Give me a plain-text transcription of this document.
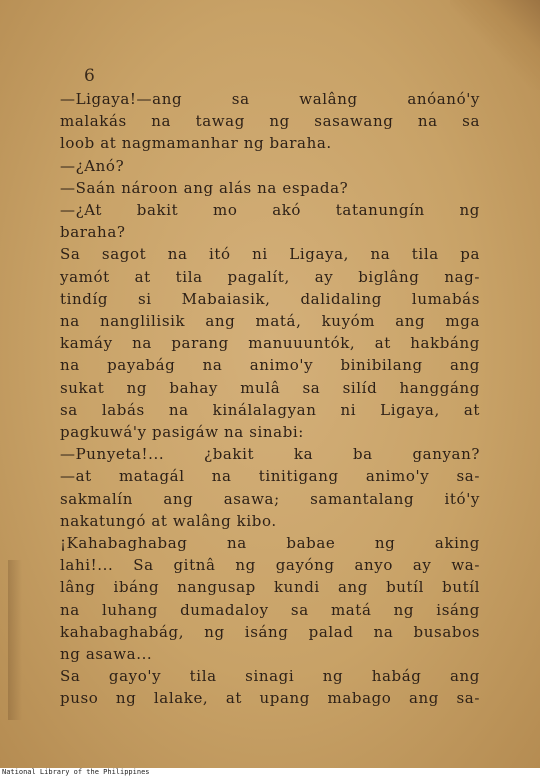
6
—Ligaya!—ang sa walâng anóanó'y
malakás na tawag ng sasawang na sa
loob at nagmamanhar ng baraha.
—¿Anó?
—Saán nároon ang alás na espada?
—¿At bakit mo akó tatanungín ng
baraha?
Sa sagot na itó ni Ligaya, na tila pa
yamót at tila pagalít, ay biglâng nag-
tindíg si Mabaiasik, dalidaling lumabás
na nanglilisik ang matá, kuyóm ang mga
kamáy na parang manuuuntók, at hakbáng
na payabág na animo'y binibilang ang
sukat ng bahay mulâ sa silíd hanggáng
sa labás na kinálalagyan ni Ligaya, at
pagkuwá'y pasigáw na sinabi:
—Punyeta!... ¿bakit ka ba ganyan?
—at matagál na tinitigang animo'y sa-
sakmalín ang asawa; samantalang itó'y
nakatungó at walâng kibo.
¡Kahabaghabag na babae ng aking
lahi!... Sa gitnâ ng gayóng anyo ay wa-
lâng ibáng nangusap kundi ang butíl butíl
na luhang dumadaloy sa matá ng isáng
kahabaghabág, ng isáng palad na busabos
ng asawa...
Sa gayo'y tila sinagi ng habág ang
puso ng lalake, at upang mabago ang sa-
National Library of the Philippines
